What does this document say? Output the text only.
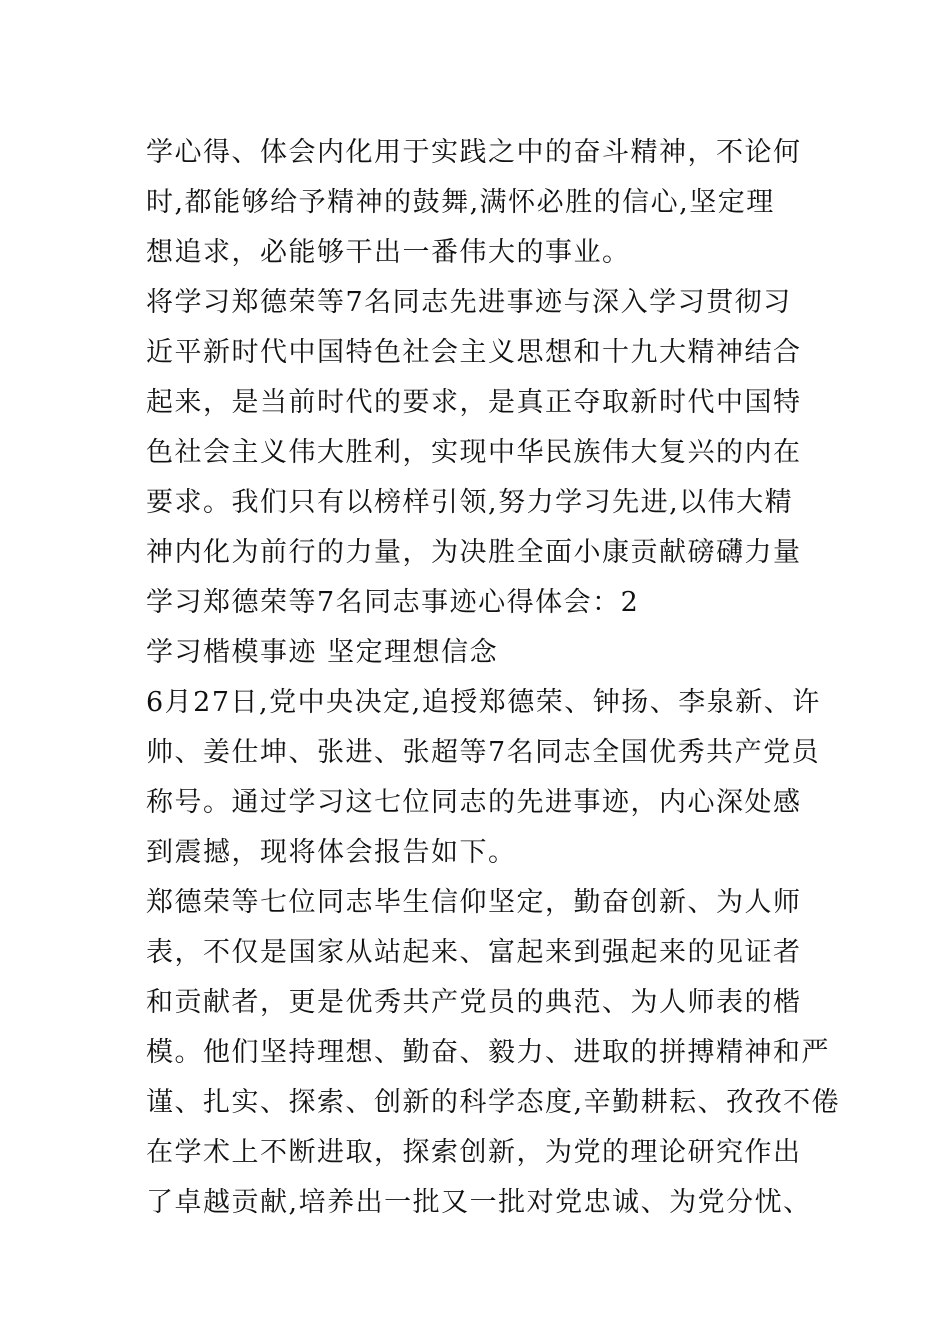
学心得、体会内化用于实践之中的奋斗精神，不论何
时,都能够给予精神的鼓舞,满怀必胜的信心,坚定理
想追求，必能够干出一番伟大的事业。
将学习郑德荣等7名同志先进事迹与深入学习贯彻习
近平新时代中国特色社会主义思想和十九大精神结合
起来，是当前时代的要求，是真正夺取新时代中国特
色社会主义伟大胜利，实现中华民族伟大复兴的内在
要求。我们只有以榜样引领,努力学习先进,以伟大精
神内化为前行的力量，为决胜全面小康贡献磅礴力量
学习郑德荣等7名同志事迹心得体会：2
学习楷模事迹 坚定理想信念
6月27日,党中央决定,追授郑德荣、钟扬、李泉新、许
帅、姜仕坤、张进、张超等7名同志全国优秀共产党员
称号。通过学习这七位同志的先进事迹，内心深处感
到震撼，现将体会报告如下。
郑德荣等七位同志毕生信仰坚定，勤奋创新、为人师
表，不仅是国家从站起来、富起来到强起来的见证者
和贡献者，更是优秀共产党员的典范、为人师表的楷
模。他们坚持理想、勤奋、毅力、进取的拼搏精神和严
谨、扎实、探索、创新的科学态度,辛勤耕耘、孜孜不倦
在学术上不断进取，探索创新，为党的理论研究作出
了卓越贡献,培养出一批又一批对党忠诚、为党分忧、
